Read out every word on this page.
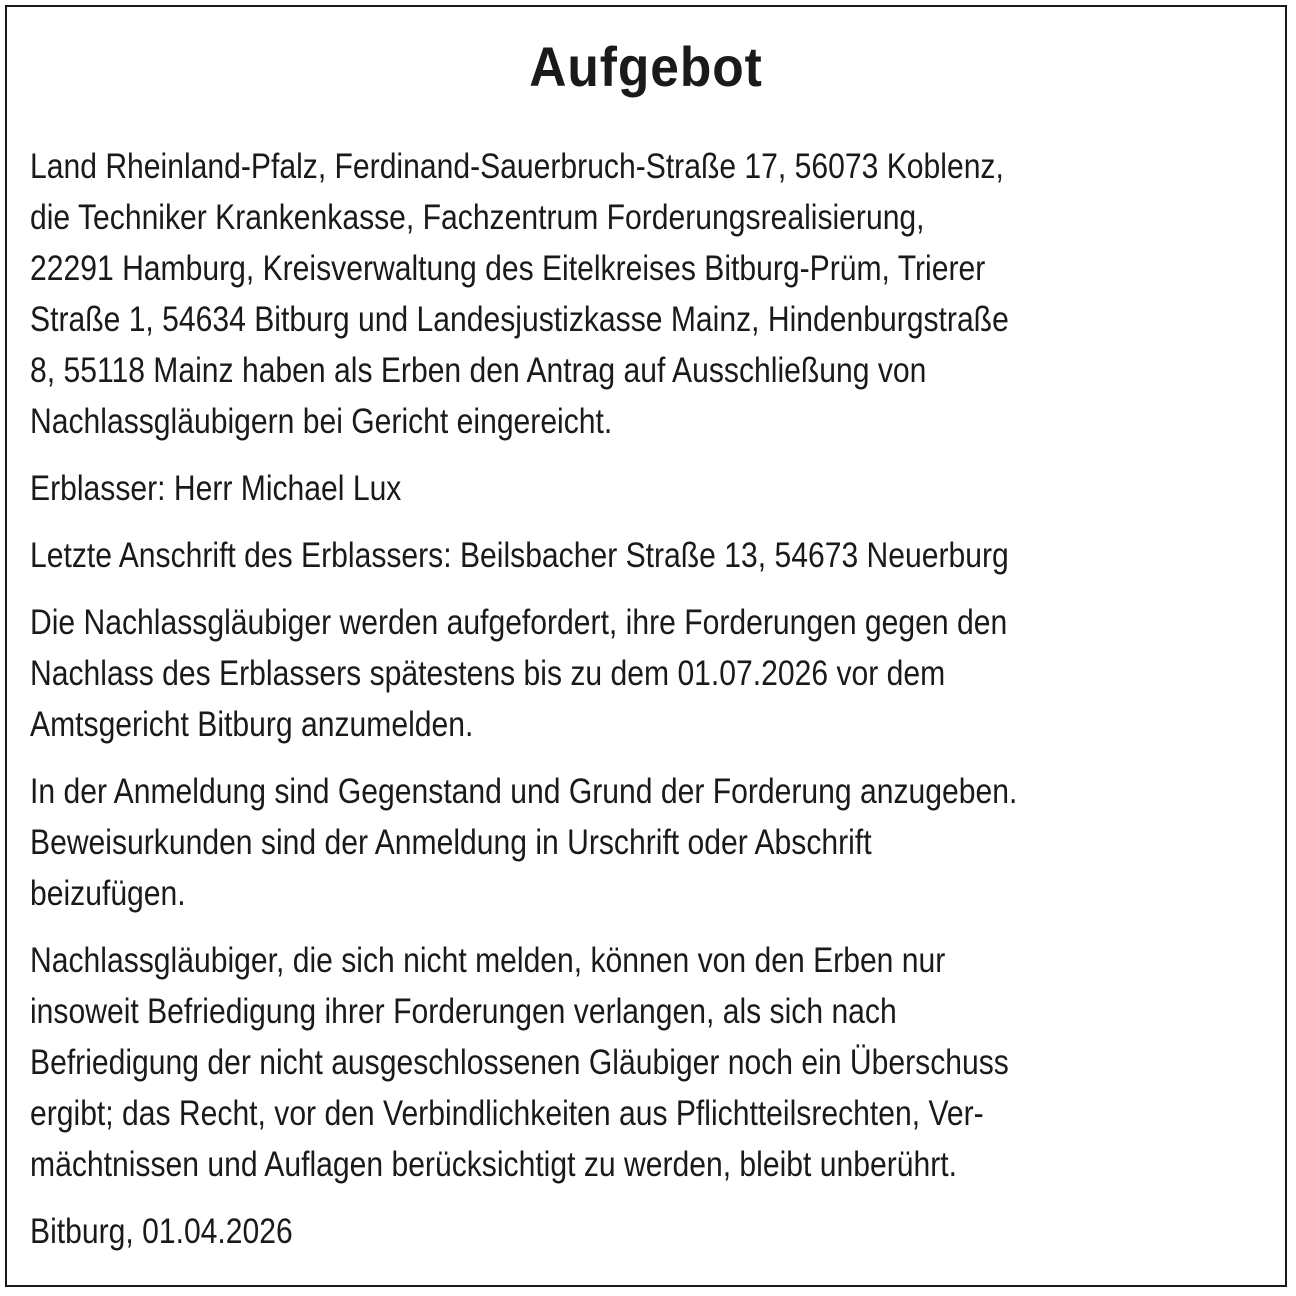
Aufgebot

Land Rheinland-Pfalz, Ferdinand-Sauerbruch-Straße 17, 56073 Koblenz,
die Techniker Krankenkasse, Fachzentrum Forderungsrealisierung,
22291 Hamburg, Kreisverwaltung des Eitelkreises Bitburg-Prüm, Trierer
Straße 1, 54634 Bitburg und Landesjustizkasse Mainz, Hindenburgstraße
8, 55118 Mainz haben als Erben den Antrag auf Ausschließung von
Nachlassgläubigern bei Gericht eingereicht.

Erblasser: Herr Michael Lux

Letzte Anschrift des Erblassers: Beilsbacher Straße 13, 54673 Neuerburg

Die Nachlassgläubiger werden aufgefordert, ihre Forderungen gegen den
Nachlass des Erblassers spätestens bis zu dem 01.07.2026 vor dem
Amtsgericht Bitburg anzumelden.

In der Anmeldung sind Gegenstand und Grund der Forderung anzugeben.
Beweisurkunden sind der Anmeldung in Urschrift oder Abschrift
beizufügen.

Nachlassgläubiger, die sich nicht melden, können von den Erben nur
insoweit Befriedigung ihrer Forderungen verlangen, als sich nach
Befriedigung der nicht ausgeschlossenen Gläubiger noch ein Überschuss
ergibt; das Recht, vor den Verbindlichkeiten aus Pflichtteilsrechten, Ver-
mächtnissen und Auflagen berücksichtigt zu werden, bleibt unberührt.

Bitburg, 01.04.2026
